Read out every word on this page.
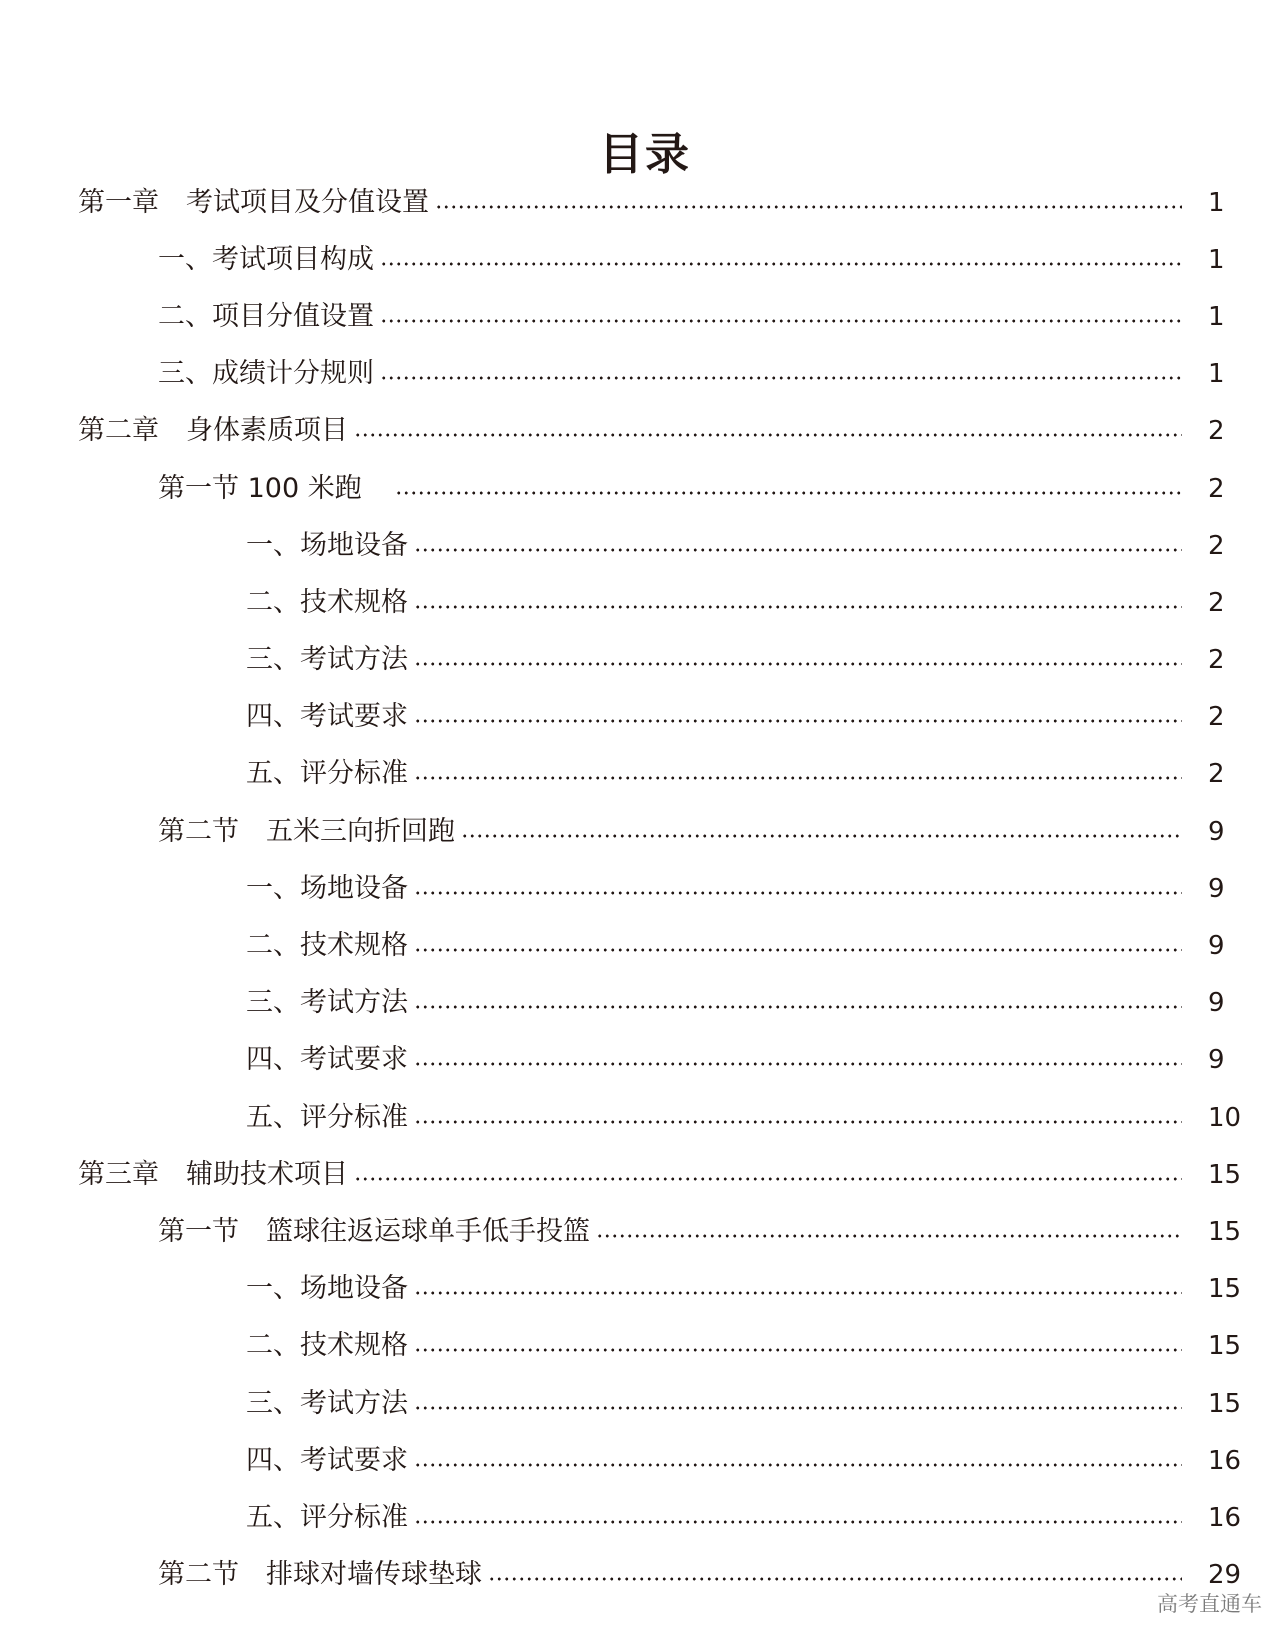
目录
第一章　考试项目及分值设置	1
一、考试项目构成	1
二、项目分值设置	1
三、成绩计分规则	1
第二章　身体素质项目	2
第一节 100 米跑　	2
一、场地设备	2
二、技术规格	2
三、考试方法	2
四、考试要求	2
五、评分标准	2
第二节　五米三向折回跑	9
一、场地设备	9
二、技术规格	9
三、考试方法	9
四、考试要求	9
五、评分标准	10
第三章　辅助技术项目	15
第一节　篮球往返运球单手低手投篮	15
一、场地设备	15
二、技术规格	15
三、考试方法	15
四、考试要求	16
五、评分标准	16
第二节　排球对墙传球垫球	29
高考直通车
